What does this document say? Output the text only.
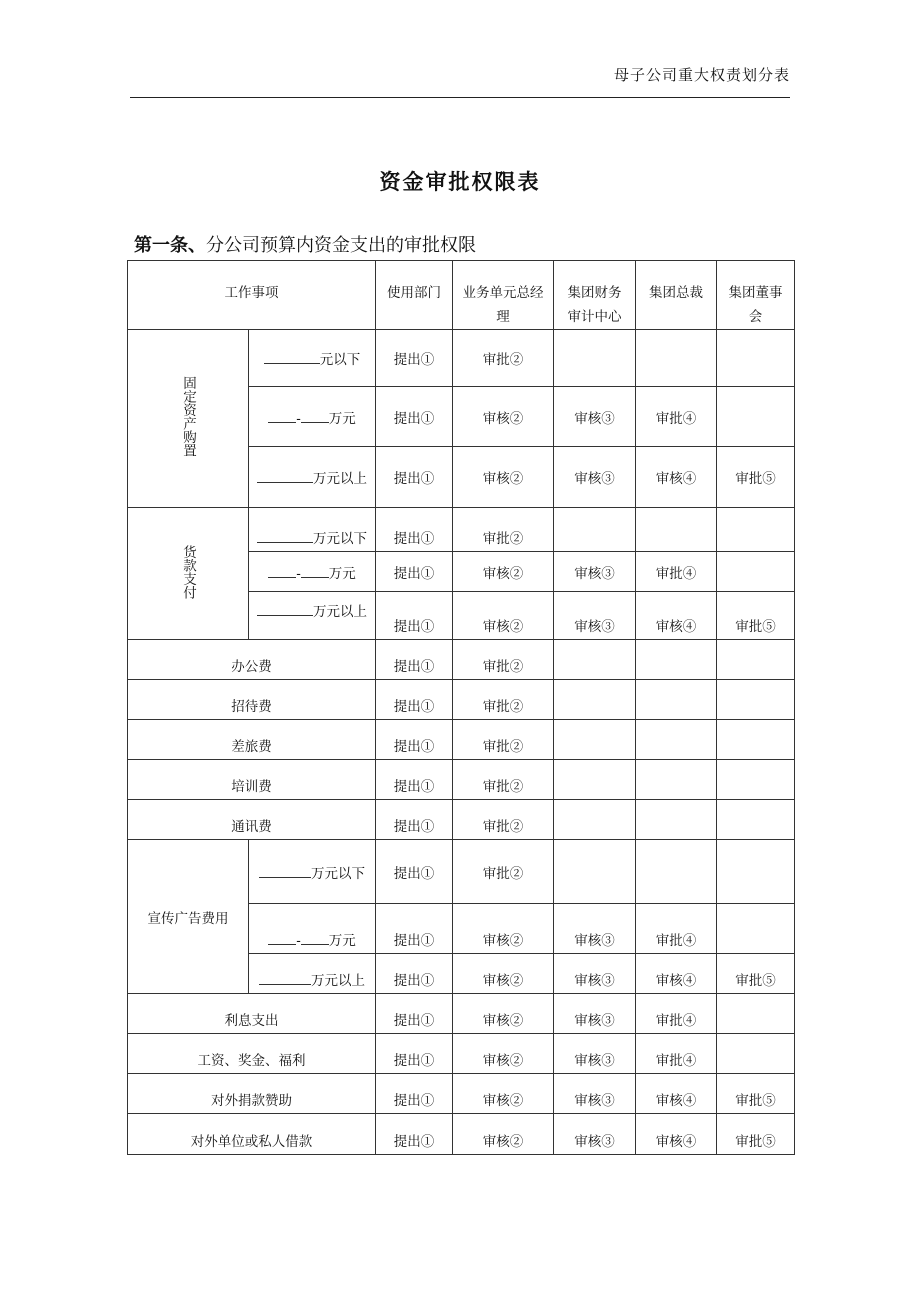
母子公司重大权责划分表
资金审批权限表
第一条、分公司预算内资金支出的审批权限
工作事项		使用部门	业务单元总经理	集团财务审计中心	集团总裁	集团董事会

固定资产购置	元以下	提出①	审批②			
	- 万元	提出①	审核②	审核③	审批④	
	万元以上	提出①	审核②	审核③	审核④	审批⑤
货款支付	万元以下	提出①	审批②			
	- 万元	提出①	审核②	审核③	审批④	
	万元以上	提出①	审核②	审核③	审核④	审批⑤
办公费		提出①	审批②			
招待费		提出①	审批②			
差旅费		提出①	审批②			
培训费		提出①	审批②			
通讯费		提出①	审批②			
宣传广告费用	万元以下	提出①	审批②			
	- 万元	提出①	审核②	审核③	审批④	
	万元以上	提出①	审核②	审核③	审核④	审批⑤
利息支出		提出①	审核②	审核③	审批④	
工资、奖金、福利		提出①	审核②	审核③	审批④	
对外捐款赞助		提出①	审核②	审核③	审核④	审批⑤
对外单位或私人借款		提出①	审核②	审核③	审核④	审批⑤
